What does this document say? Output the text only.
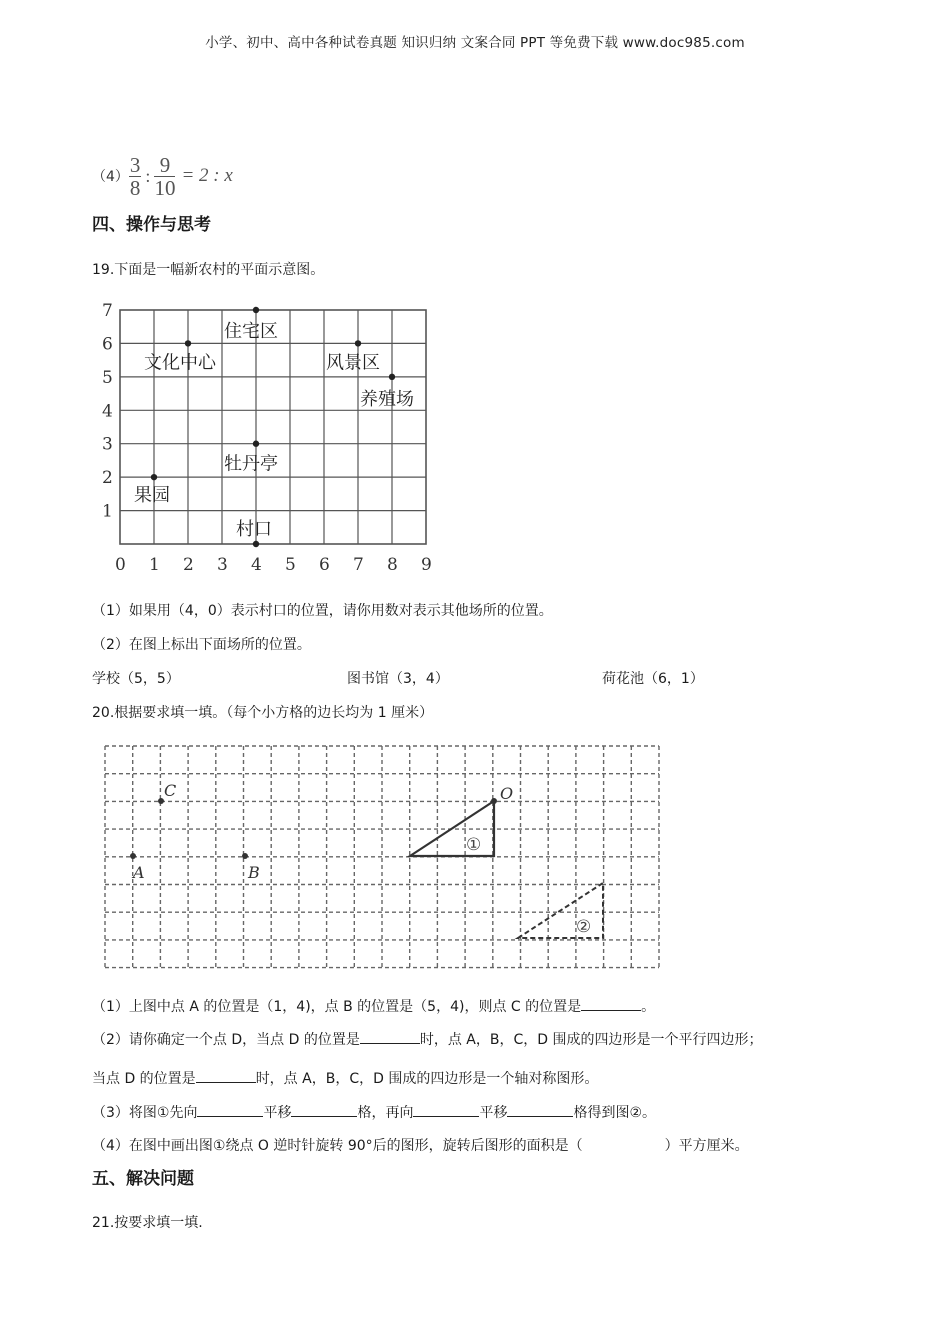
小学、初中、高中各种试卷真题 知识归纳 文案合同 PPT 等免费下载 www.doc985.com
$(4) \frac{3}{8}$ : $\frac{9}{10} = 2$ : x
四、操作与思考
19.下面是一幅新农村的平面示意图。
0 1 2 3 4 5 6 7 8 9
1
2
3
4
5
6
7
住宅区
文化中心	风景区
养殖场
牡丹亭
果园
村口
（1）如果用（4，0）表示村口的位置，请你用数对表示其他场所的位置。
（2）在图上标出下面场所的位置。
学校（5，5）	图书馆（3，4）	荷花池（6，1）
20.根据要求填一填。（每个小方格的边长均为 1 厘米）
C
A	B
O
①
②
（1）上图中点 A 的位置是（1，4)，点 B 的位置是（5，4)，则点 C 的位置是	。
（2）请你确定一个点 D，当点 D 的位置是	时，点 A，B，C，D 围成的四边形是一个平行四边形；
当点 D 的位置是	时，点 A，B，C，D 围成的四边形是一个轴对称图形。
（3）将图①先向	平移	格，再向	平移	格得到图②。
（4）在图中画出图①绕点 O 逆时针旋转 90°后的图形，旋转后图形的面积是（	）平方厘米。
五、解决问题
21.按要求填一填.
